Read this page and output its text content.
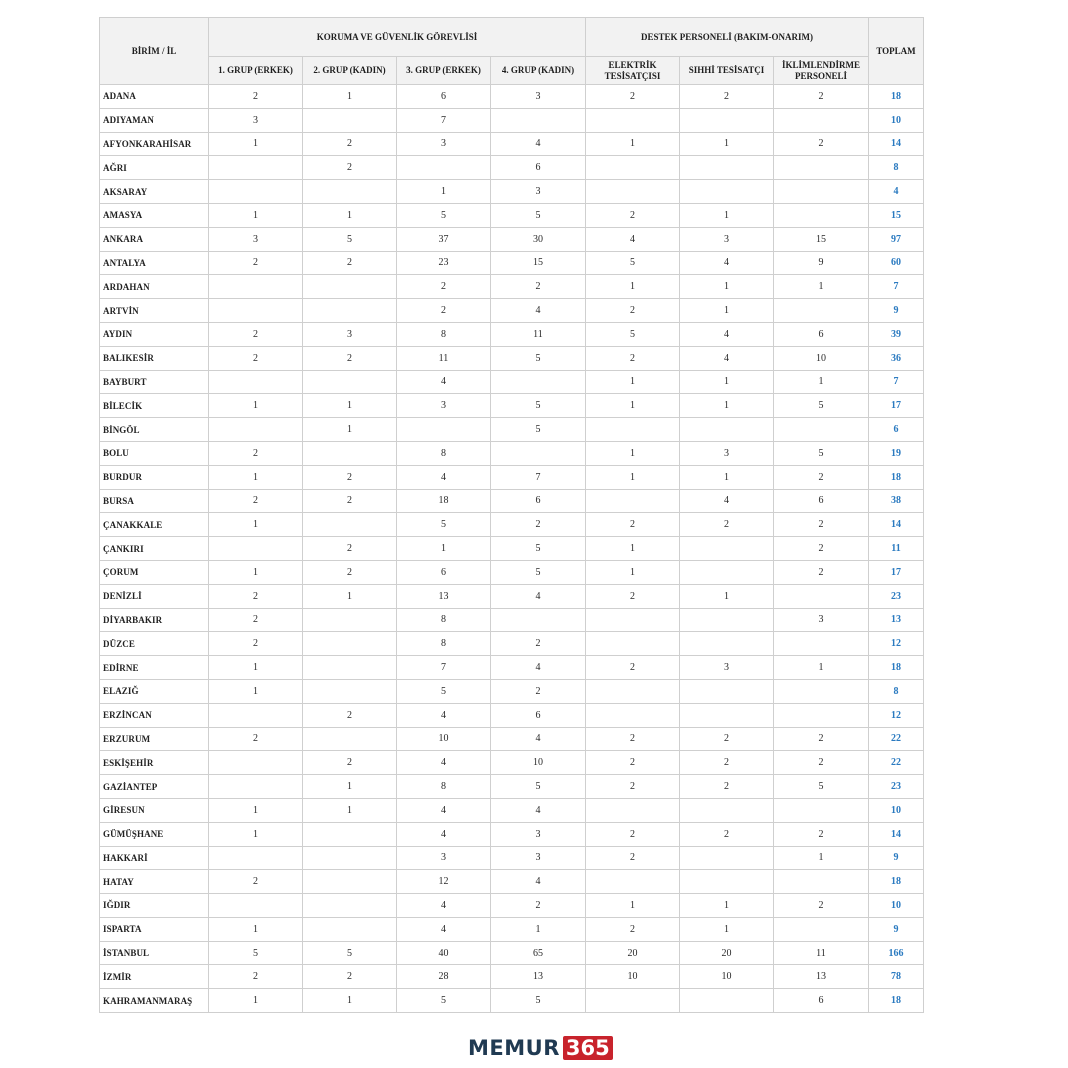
BİRİM / İL	KORUMA VE GÜVENLİK GÖREVLİSİ				DESTEK PERSONELİ (BAKIM-ONARIM)			TOPLAM
	1. GRUP (ERKEK)	2. GRUP (KADIN)	3. GRUP (ERKEK)	4. GRUP (KADIN)	ELEKTRİK TESİSATÇISI	SIHHİ TESİSATÇI	İKLİMLENDİRME PERSONELİ	
ADANA	2	1	6	3	2	2	2	18
ADIYAMAN	3		7					10
AFYONKARAHİSAR	1	2	3	4	1	1	2	14
AĞRI		2		6				8
AKSARAY			1	3				4
AMASYA	1	1	5	5	2	1		15
ANKARA	3	5	37	30	4	3	15	97
ANTALYA	2	2	23	15	5	4	9	60
ARDAHAN			2	2	1	1	1	7
ARTVİN			2	4	2	1		9
AYDIN	2	3	8	11	5	4	6	39
BALIKESİR	2	2	11	5	2	4	10	36
BAYBURT			4		1	1	1	7
BİLECİK	1	1	3	5	1	1	5	17
BİNGÖL		1		5				6
BOLU	2		8		1	3	5	19
BURDUR	1	2	4	7	1	1	2	18
BURSA	2	2	18	6		4	6	38
ÇANAKKALE	1		5	2	2	2	2	14
ÇANKIRI		2	1	5	1		2	11
ÇORUM	1	2	6	5	1		2	17
DENİZLİ	2	1	13	4	2	1		23
DİYARBAKIR	2		8				3	13
DÜZCE	2		8	2				12
EDİRNE	1		7	4	2	3	1	18
ELAZIĞ	1		5	2				8
ERZİNCAN		2	4	6				12
ERZURUM	2		10	4	2	2	2	22
ESKİŞEHİR		2	4	10	2	2	2	22
GAZİANTEP		1	8	5	2	2	5	23
GİRESUN	1	1	4	4				10
GÜMÜŞHANE	1		4	3	2	2	2	14
HAKKARİ			3	3	2		1	9
HATAY	2		12	4				18
IĞDIR			4	2	1	1	2	10
ISPARTA	1		4	1	2	1		9
İSTANBUL	5	5	40	65	20	20	11	166
İZMİR	2	2	28	13	10	10	13	78
KAHRAMANMARAŞ	1	1	5	5			6	18
MEMUR 365
